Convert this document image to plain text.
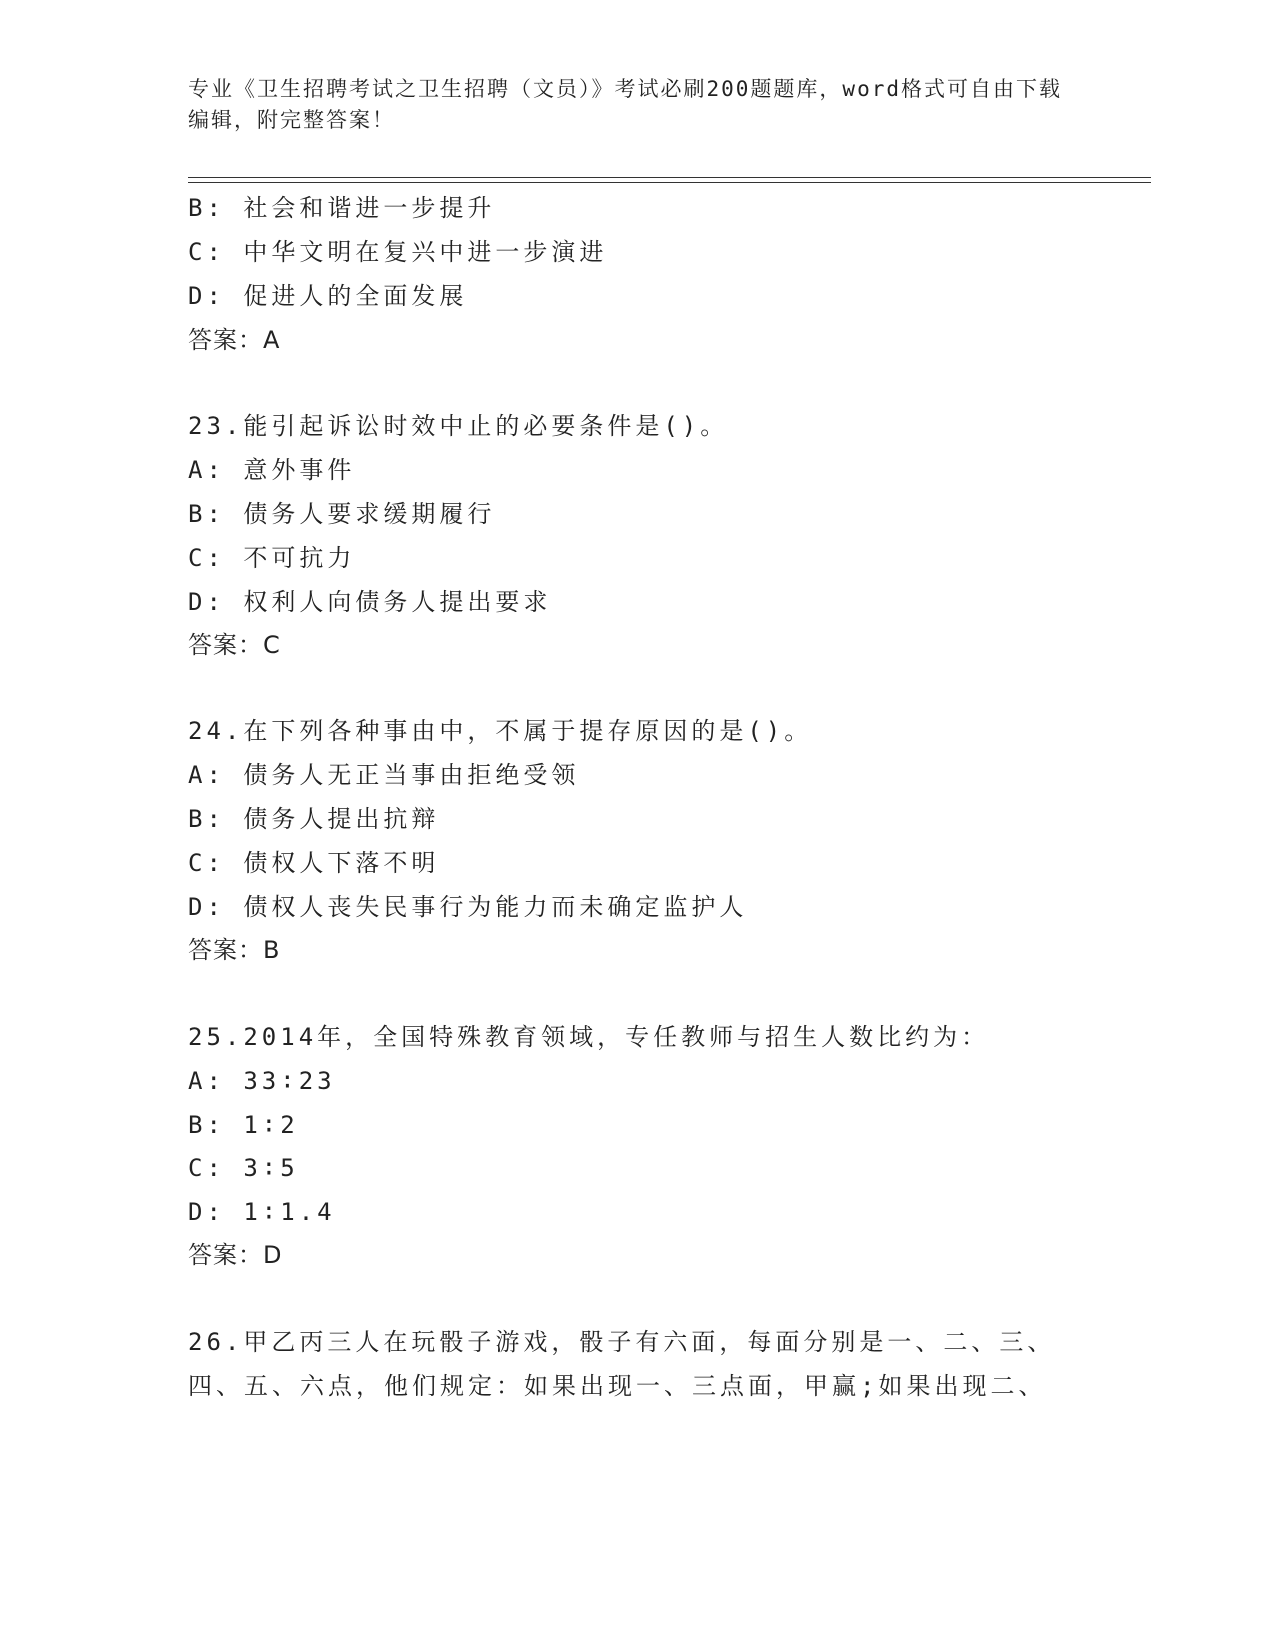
专业《卫生招聘考试之卫生招聘（文员）》考试必刷200题题库，word格式可自由下载编辑，附完整答案！
B: 社会和谐进一步提升
C: 中华文明在复兴中进一步演进
D: 促进人的全面发展
答案：A
23.能引起诉讼时效中止的必要条件是()。
A: 意外事件
B: 债务人要求缓期履行
C: 不可抗力
D: 权利人向债务人提出要求
答案：C
24.在下列各种事由中，不属于提存原因的是()。
A: 债务人无正当事由拒绝受领
B: 债务人提出抗辩
C: 债权人下落不明
D: 债权人丧失民事行为能力而未确定监护人
答案：B
25.2014年，全国特殊教育领域，专任教师与招生人数比约为：
A: 33∶23
B: 1∶2
C: 3∶5
D: 1∶1.4
答案：D
26.甲乙丙三人在玩骰子游戏，骰子有六面，每面分别是一、二、三、
四、五、六点，他们规定：如果出现一、三点面，甲赢;如果出现二、
